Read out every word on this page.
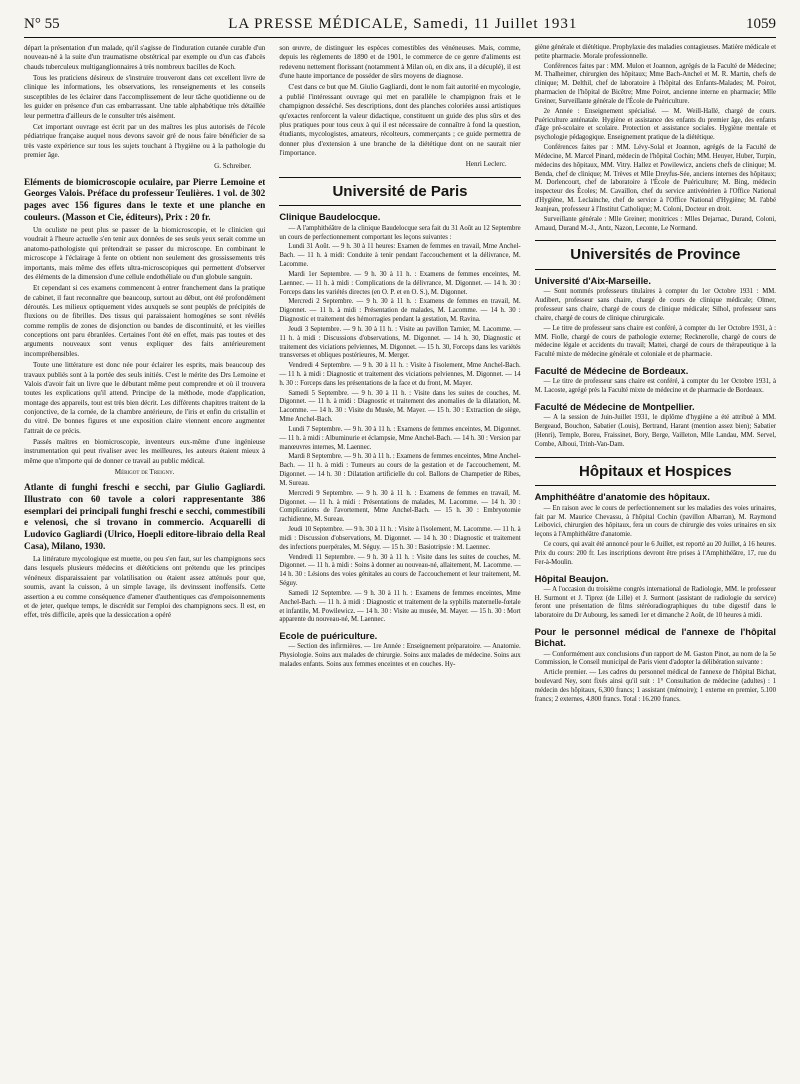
N° 55	LA PRESSE MÉDICALE, Samedi, 11 Juillet 1931	1059

départ la présentation d'un malade, qu'il s'agisse de l'induration cutanée curable d'un nouveau-né à la suite d'un traumatisme obstétrical par exemple ou d'un cas d'abcès chauds tuberculeux multiganglionnaires à très nombreux bacilles de Koch.

Tous les praticiens désireux de s'instruire trouveront dans cet excellent livre de clinique les informations, les observations, les renseignements et les conseils susceptibles de les éclairer dans l'accomplissement de leur tâche quotidienne ou de les guider en présence d'un cas embarrassant. Une table alphabétique très détaillée leur permettra d'ailleurs de le consulter très aisément.

Cet important ouvrage est écrit par un des maîtres les plus autorisés de l'école pédiatrique française auquel nous devons savoir gré de nous faire bénéficier de sa très vaste expérience sur tous les sujets touchant à l'hygiène ou à la pathologie du premier âge.

G. Schreiber.

Eléments de biomicroscopie oculaire, par Pierre Lemoine et Georges Valois. Préface du professeur Teulières. 1 vol. de 302 pages avec 156 figures dans le texte et une planche en couleurs. (Masson et Cie, éditeurs), Prix : 20 fr.

Un oculiste ne peut plus se passer de la biomicroscopie, et le clinicien qui voudrait à l'heure actuelle s'en tenir aux données de ses seuls yeux serait comme un anatomo-pathologiste qui prétendrait se passer du microscope. En combinant le microscope à l'éclairage à fente on obtient non seulement des grossissements très importants, mais même des effets ultra-microscopiques qui permettent d'observer des éléments de la dimension d'une cellule endothéliale ou d'un globule sanguin.

Et cependant si ces examens commencent à entrer franchement dans la pratique de cabinet, il faut reconnaître que beaucoup, surtout au début, ont été profondément déroutés. Les milieux optiquement vides auxquels se sont peuplés de précipités de fluxions ou de fibrilles. Des tissus qui paraissaient homogènes se sont révélés comme remplis de zones de disjonction ou bandes de discontinuité, et les vieilles conceptions ont paru ébranlées. Certaines l'ont été en effet, mais pas toutes et des arguments nouveaux sont venus expliquer des faits antérieurement incompréhensibles.

Toute une littérature est donc née pour éclairer les esprits, mais beaucoup des travaux publiés sont à la portée des seuls initiés. C'est le mérite des Drs Lemoine et Valois d'avoir fait un livre que le débutant même peut comprendre et où il trouvera toutes les explications qu'il attend. Principe de la méthode, mode d'application, montage des appareils, tout est très bien décrit. Les différents chapitres traitent de la conjonctive, de la cornée, de la chambre antérieure, de l'iris et enfin du cristallin et du vitré. De bonnes figures et une exposition claire viennent encore augmenter l'attrait de ce précis.

Passés maîtres en biomicroscopie, inventeurs eux-même d'une ingénieuse instrumentation qui peut rivaliser avec les meilleures, les auteurs étaient mieux à même que n'importe qui de donner ce travail au public médical.

Mérigot de Treigny.

Atlante di funghi freschi e secchi, par Giulio Gagliardi. Illustrato con 60 tavole a colori rappresentante 386 esemplari dei principali funghi freschi e secchi, commestibili e velenosi, che si trovano in commercio. Acquarelli di Ludovico Gagliardi (Ulrico, Hoepli editore-libraio della Real Casa), Milano, 1930.

La littérature mycologique est muette, ou peu s'en faut, sur les champignons secs dans lesquels plusieurs médecins et diététiciens ont prétendu que les principes vénéneux disparaissaient par volatilisation ou étaient assez atténués pour que, soumis, avant la cuisson, à un simple lavage, ils devinssent inoffensifs. Cette assertion a eu comme conséquence d'amener d'authentiques cas d'empoisonnements et de jeter, quelque temps, le discrédit sur l'emploi des champignons secs. Il est, en effet, très difficile, après que la dessiccation a opéré

son œuvre, de distinguer les espèces comestibles des vénéneuses. Mais, comme, depuis les règlements de 1890 et de 1901, le commerce de ce genre d'aliments est redevenu nettement florissant (notamment à Milan où, en dix ans, il a décuplé), il est d'une haute importance de posséder de sûrs moyens de diagnose.

C'est dans ce but que M. Giulio Gagliardi, dont le nom fait autorité en mycologie, a publié l'intéressant ouvrage qui met en parallèle le champignon frais et le champignon desséché. Ses descriptions, dont des planches coloriées aussi artistiques qu'exactes renforcent la valeur didactique, constituent un guide des plus sûrs et des plus pratiques pour tous ceux à qui il est nécessaire de connaître à fond la question, étudiants, mycologistes, amateurs, récolteurs, commerçants ; ce guide permettra de donner plus d'extension à une branche de la diététique dont on ne saurait nier l'importance.

Henri Leclerc.

Université de Paris

Clinique Baudelocque.

— A l'amphithéâtre de la clinique Baudelocque sera fait du 31 Août au 12 Septembre un cours de perfectionnement comportant les leçons suivantes :

Lundi 31 Août. — 9 h. 30 à 11 heures: Examen de femmes en travail, Mme Anchel-Bach. — 11 h. à midi: Conduite à tenir pendant l'accouchement et la délivrance, M. Lacomme.

Mardi 1er Septembre. — 9 h. 30 à 11 h. : Examens de femmes enceintes, M. Laennec. — 11 h. à midi : Complications de la délivrance, M. Digonnet. — 14 h. 30 : Forceps dans les variétés directes (en O. P. et en O. S.), M. Digonnet.

Mercredi 2 Septembre. — 9 h. 30 à 11 h. : Examens de femmes en travail, M. Digonnet. — 11 h. à midi : Présentation de malades, M. Lacomme. — 14 h. 30 : Diagnostic et traitement des hémorragies pendant la gestation, M. Ravina.

Jeudi 3 Septembre. — 9 h. 30 à 11 h. : Visite au pavillon Tarnier, M. Lacomme. — 11 h. à midi : Discussions d'observations, M. Digonnet. — 14 h. 30, Diagnostic et traitement des viciations pelviennes, M. Digonnet. — 15 h. 30, Forceps dans les variétés transverses et obliques postérieures, M. Merger.

Vendredi 4 Septembre. — 9 h. 30 à 11 h. : Visite à l'isolement, Mme Anchel-Bach. — 11 h. à midi : Diagnostic et traitement des viciations pelviennes, M. Digonnet. — 14 h. 30 :: Forceps dans les présentations de la face et du front, M. Mayer.

Samedi 5 Septembre. — 9 h. 30 à 11 h. : Visite dans les suites de couches, M. Digonnet. — 11 h. à midi : Diagnostic et traitement des anomalies de la dilatation, M. Lacomme. — 14 h. 30 : Visite du Musée, M. Mayer. — 15 h. 30 : Extraction de siège, Mme Anchel-Bach.

Lundi 7 Septembre. — 9 h. 30 à 11 h. : Examens de femmes enceintes, M. Digonnet. — 11 h. à midi : Albuminurie et éclampsie, Mme Anchel-Bach. — 14 h. 30 : Version par manœuvres internes, M. Laennec.

Mardi 8 Septembre. — 9 h. 30 à 11 h. : Examens de femmes enceintes, Mme Anchel-Bach. — 11 h. à midi : Tumeurs au cours de la gestation et de l'accouchement, M. Digonnet. — 14 h. 30 : Dilatation artificielle du col. Ballons de Champetier de Ribes, M. Sureau.

Mercredi 9 Septembre. — 9 h. 30 à 11 h. : Examens de femmes en travail, M. Digonnet. — 11 h. à midi : Présentations de malades, M. Lacomme. — 14 h. 30 : Complications de l'avortement, Mme Anchel-Bach. — 15 h. 30 : Embryotomie rachidienne, M. Sureau.

Jeudi 10 Septembre. — 9 h. 30 à 11 h. : Visite à l'isolement, M. Lacomme. — 11 h. à midi : Discussion d'observations, M. Digonnet. — 14 h. 30 : Diagnostic et traitement des infections puerpérales, M. Séguy. — 15 h. 30 : Basiotripsie : M. Laennec.

Vendredi 11 Septembre. — 9 h. 30 à 11 h. : Visite dans les suites de couches, M. Digonnet. — 11 h. à midi : Soins à donner au nouveau-né, allaitement, M. Lacomme. — 14 h. 30 : Lésions des voies génitales au cours de l'accouchement et leur traitement, M. Séguy.

Samedi 12 Septembre. — 9 h. 30 à 11 h. : Examens de femmes enceintes, Mme Anchel-Bach. — 11 h. à midi : Diagnostic et traitement de la syphilis maternelle-fœtale et infantile, M. Powilewicz. — 14 h. 30 : Visite au musée, M. Mayer. — 15 h. 30 : Mort apparente du nouveau-né, M. Laennec.

Ecole de puériculture.

— Section des infirmières. — 1re Année : Enseignement préparatoire. — Anatomie. Physiologie. Soins aux malades de chirurgie. Soins aux malades de médecine. Soins aux malades enfants. Soins aux femmes enceintes et en couches. Hy-

giène générale et diététique. Prophylaxie des maladies contagieuses. Matière médicale et petite pharmacie. Morale professionnelle.

Conférences faites par : MM. Mulon et Joannon, agrégés de la Faculté de Médecine; M. Thalheimer, chirurgien des hôpitaux; Mme Bach-Anchel et M. R. Martin, chefs de clinique; M. Delthil, chef de laboratoire à l'hôpital des Enfants-Malades; M. Poirot, pharmacien de l'hôpital de Bicêtre; Mme Poirot, ancienne interne en pharmacie; Mlle Greiner, Surveillante générale de l'École de Puériculture.

2e Année : Enseignement spécialisé. — M. Weill-Hallé, chargé de cours. Puériculture anténatale. Hygiène et assistance des enfants du premier âge, des enfants d'âge pré-scolaire et scolaire. Protection et assistance sociales. Hygiène mentale et psychologie pédagogique. Enseignement pratique de la diététique.

Conférences faites par : MM. Lévy-Solal et Joannon, agrégés de la Faculté de Médecine, M. Marcel Pinard, médecin de l'hôpital Cochin; MM. Heuyer, Huber, Turpin, médecins des hôpitaux, MM. Vitry. Hallez et Powilewicz, anciens chefs de clinique; M. Benda, chef de clinique; M. Trèves et Mlle Dreyfus-Sée, anciens internes des hôpitaux; M. Dorlencourt, chef de laboratoire à l'École de Puériculture; M. Bing, médecin inspecteur des Écoles; M. Cavaillon, chef du service antivénérien à l'Office National d'Hygiène, M. Leclainche, chef de service à l'Office National d'Hygiène; M. l'abbé Jeanjean, professeur à l'Institut Catholique; M. Coloni, Docteur en droit.

Surveillante générale : Mlle Greiner; monitrices : Mlles Dejarnac, Durand, Coloni, Arnaud, Durand M.-J., Antz, Nazon, Leconte, Le Normand.

Universités de Province

Université d'Aix-Marseille.

— Sont nommés professeurs titulaires à compter du 1er Octobre 1931 : MM. Audibert, professeur sans chaire, chargé de cours de clinique médicale; Olmer, professeur sans chaire, chargé de cours de clinique médicale; Silhol, professeur sans chaire, chargé de cours de clinique chirurgicale.

— Le titre de professeur sans chaire est conféré, à compter du 1er Octobre 1931, à : MM. Fiolle, chargé de cours de pathologie externe; Recknerolle, chargé de cours de médecine légale et accidents du travail; Mattei, chargé de cours de thérapeutique à la Faculté mixte de médecine générale et coloniale et de pharmacie.

Faculté de Médecine de Bordeaux.

— Le titre de professeur sans chaire est conféré, à compter du 1er Octobre 1931, à M. Lacoste, agrégé près la Faculté mixte de médecine et de pharmacie de Bordeaux.

Faculté de Médecine de Montpellier.

— A la session de Juin-Juillet 1931, le diplôme d'hygiène a été attribué à MM. Bergeaud, Bouchon, Sabatier (Louis), Bertrand, Harant (mention assez bien); Sabatier (Henri), Temple, Boreu, Fraissinet, Bory, Berge, Vailleton, Mlle Landau, MM. Servel, Combe, Alboui, Trinh-Van-Dam.

Hôpitaux et Hospices

Amphithéâtre d'anatomie des hôpitaux.

— En raison avec le cours de perfectionnement sur les maladies des voies urinaires, fait par M. Maurice Chevassu, à l'hôpital Cochin (pavillon Albarran), M. Raymond Leibovici, chirurgien des hôpitaux, fera un cours de chirurgie des voies urinaires en six leçons à l'Amphithéâtre d'anatomie.

Ce cours, qui avait été annoncé pour le 6 Juillet, est reporté au 20 Juillet, à 16 heures. Prix du cours: 200 fr. Les inscriptions devront être prises à l'Amphithéâtre, 17, rue du Fer-à-Moulin.

Hôpital Beaujon.

— A l'occasion du troisième congrès international de Radiologie, MM. le professeur H. Surmont et J. Tiprez (de Lille) et J. Surmont (assistant de radiologie du service) feront une présentation de films stéréoradiographiques du tube digestif dans le laboratoire du Dr Aubourg, les samedi 1er et dimanche 2 Août, de 10 heures à midi.

Pour le personnel médical de l'annexe de l'hôpital Bichat.

— Conformément aux conclusions d'un rapport de M. Gaston Pinot, au nom de la 5e Commission, le Conseil municipal de Paris vient d'adopter la délibération suivante :

Article premier. — Les cadres du personnel médical de l'annexe de l'hôpital Bichat, boulevard Ney, sont fixés ainsi qu'il suit : 1° Consultation de médecine (adultes) : 1 médecin des hôpitaux, 6,300 francs; 1 assistant (mémoire); 1 externe en premier, 5.100 francs; 2 externes, 4.800 francs. Total : 16.200 francs.
